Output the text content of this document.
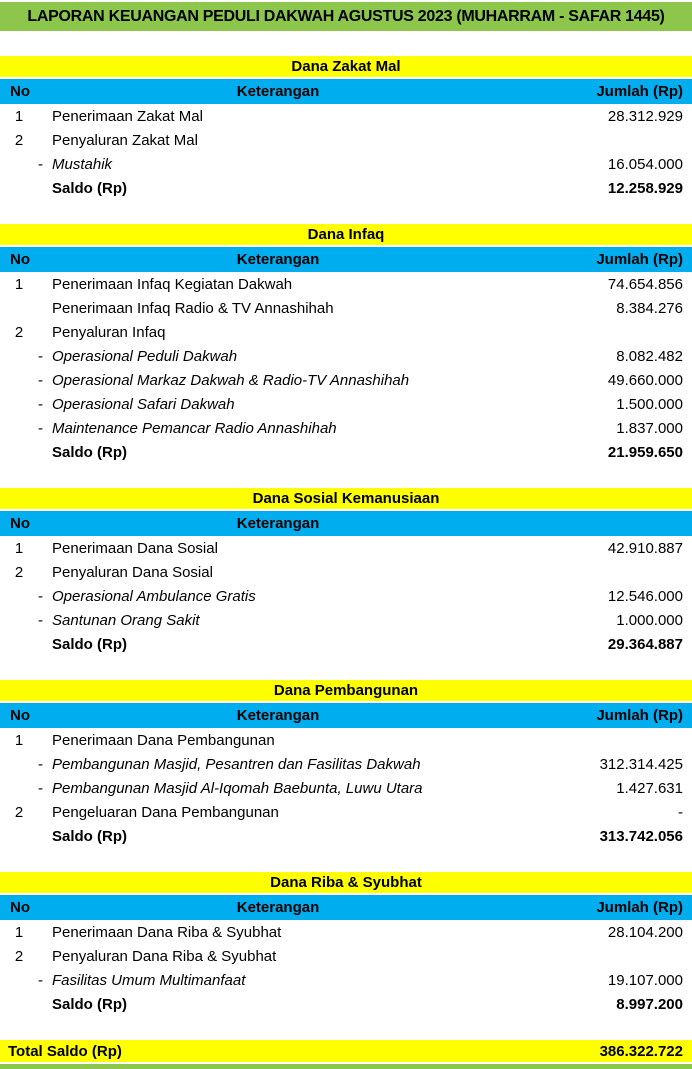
LAPORAN KEUANGAN PEDULI DAKWAH AGUSTUS 2023 (MUHARRAM - SAFAR 1445)
Dana Zakat Mal
No	Keterangan	Jumlah (Rp)
1	Penerimaan Zakat Mal	28.312.929
2	Penyaluran Zakat Mal
- Mustahik	16.054.000
Saldo (Rp)	12.258.929
Dana Infaq
No	Keterangan	Jumlah (Rp)
1	Penerimaan Infaq Kegiatan Dakwah	74.654.856
Penerimaan Infaq Radio & TV Annashihah	8.384.276
2	Penyaluran Infaq
- Operasional Peduli Dakwah	8.082.482
- Operasional Markaz Dakwah & Radio-TV Annashihah	49.660.000
- Operasional Safari Dakwah	1.500.000
- Maintenance Pemancar Radio Annashihah	1.837.000
Saldo (Rp)	21.959.650
Dana Sosial Kemanusiaan
No	Keterangan
1	Penerimaan Dana Sosial	42.910.887
2	Penyaluran Dana Sosial
- Operasional Ambulance Gratis	12.546.000
- Santunan Orang Sakit	1.000.000
Saldo (Rp)	29.364.887
Dana Pembangunan
No	Keterangan	Jumlah (Rp)
1	Penerimaan Dana Pembangunan
- Pembangunan Masjid, Pesantren dan Fasilitas Dakwah	312.314.425
- Pembangunan Masjid Al-Iqomah Baebunta, Luwu Utara	1.427.631
2	Pengeluaran Dana Pembangunan	-
Saldo (Rp)	313.742.056
Dana Riba & Syubhat
No	Keterangan	Jumlah (Rp)
1	Penerimaan Dana Riba & Syubhat	28.104.200
2	Penyaluran Dana Riba & Syubhat
- Fasilitas Umum Multimanfaat	19.107.000
Saldo (Rp)	8.997.200
Total Saldo (Rp)	386.322.722
